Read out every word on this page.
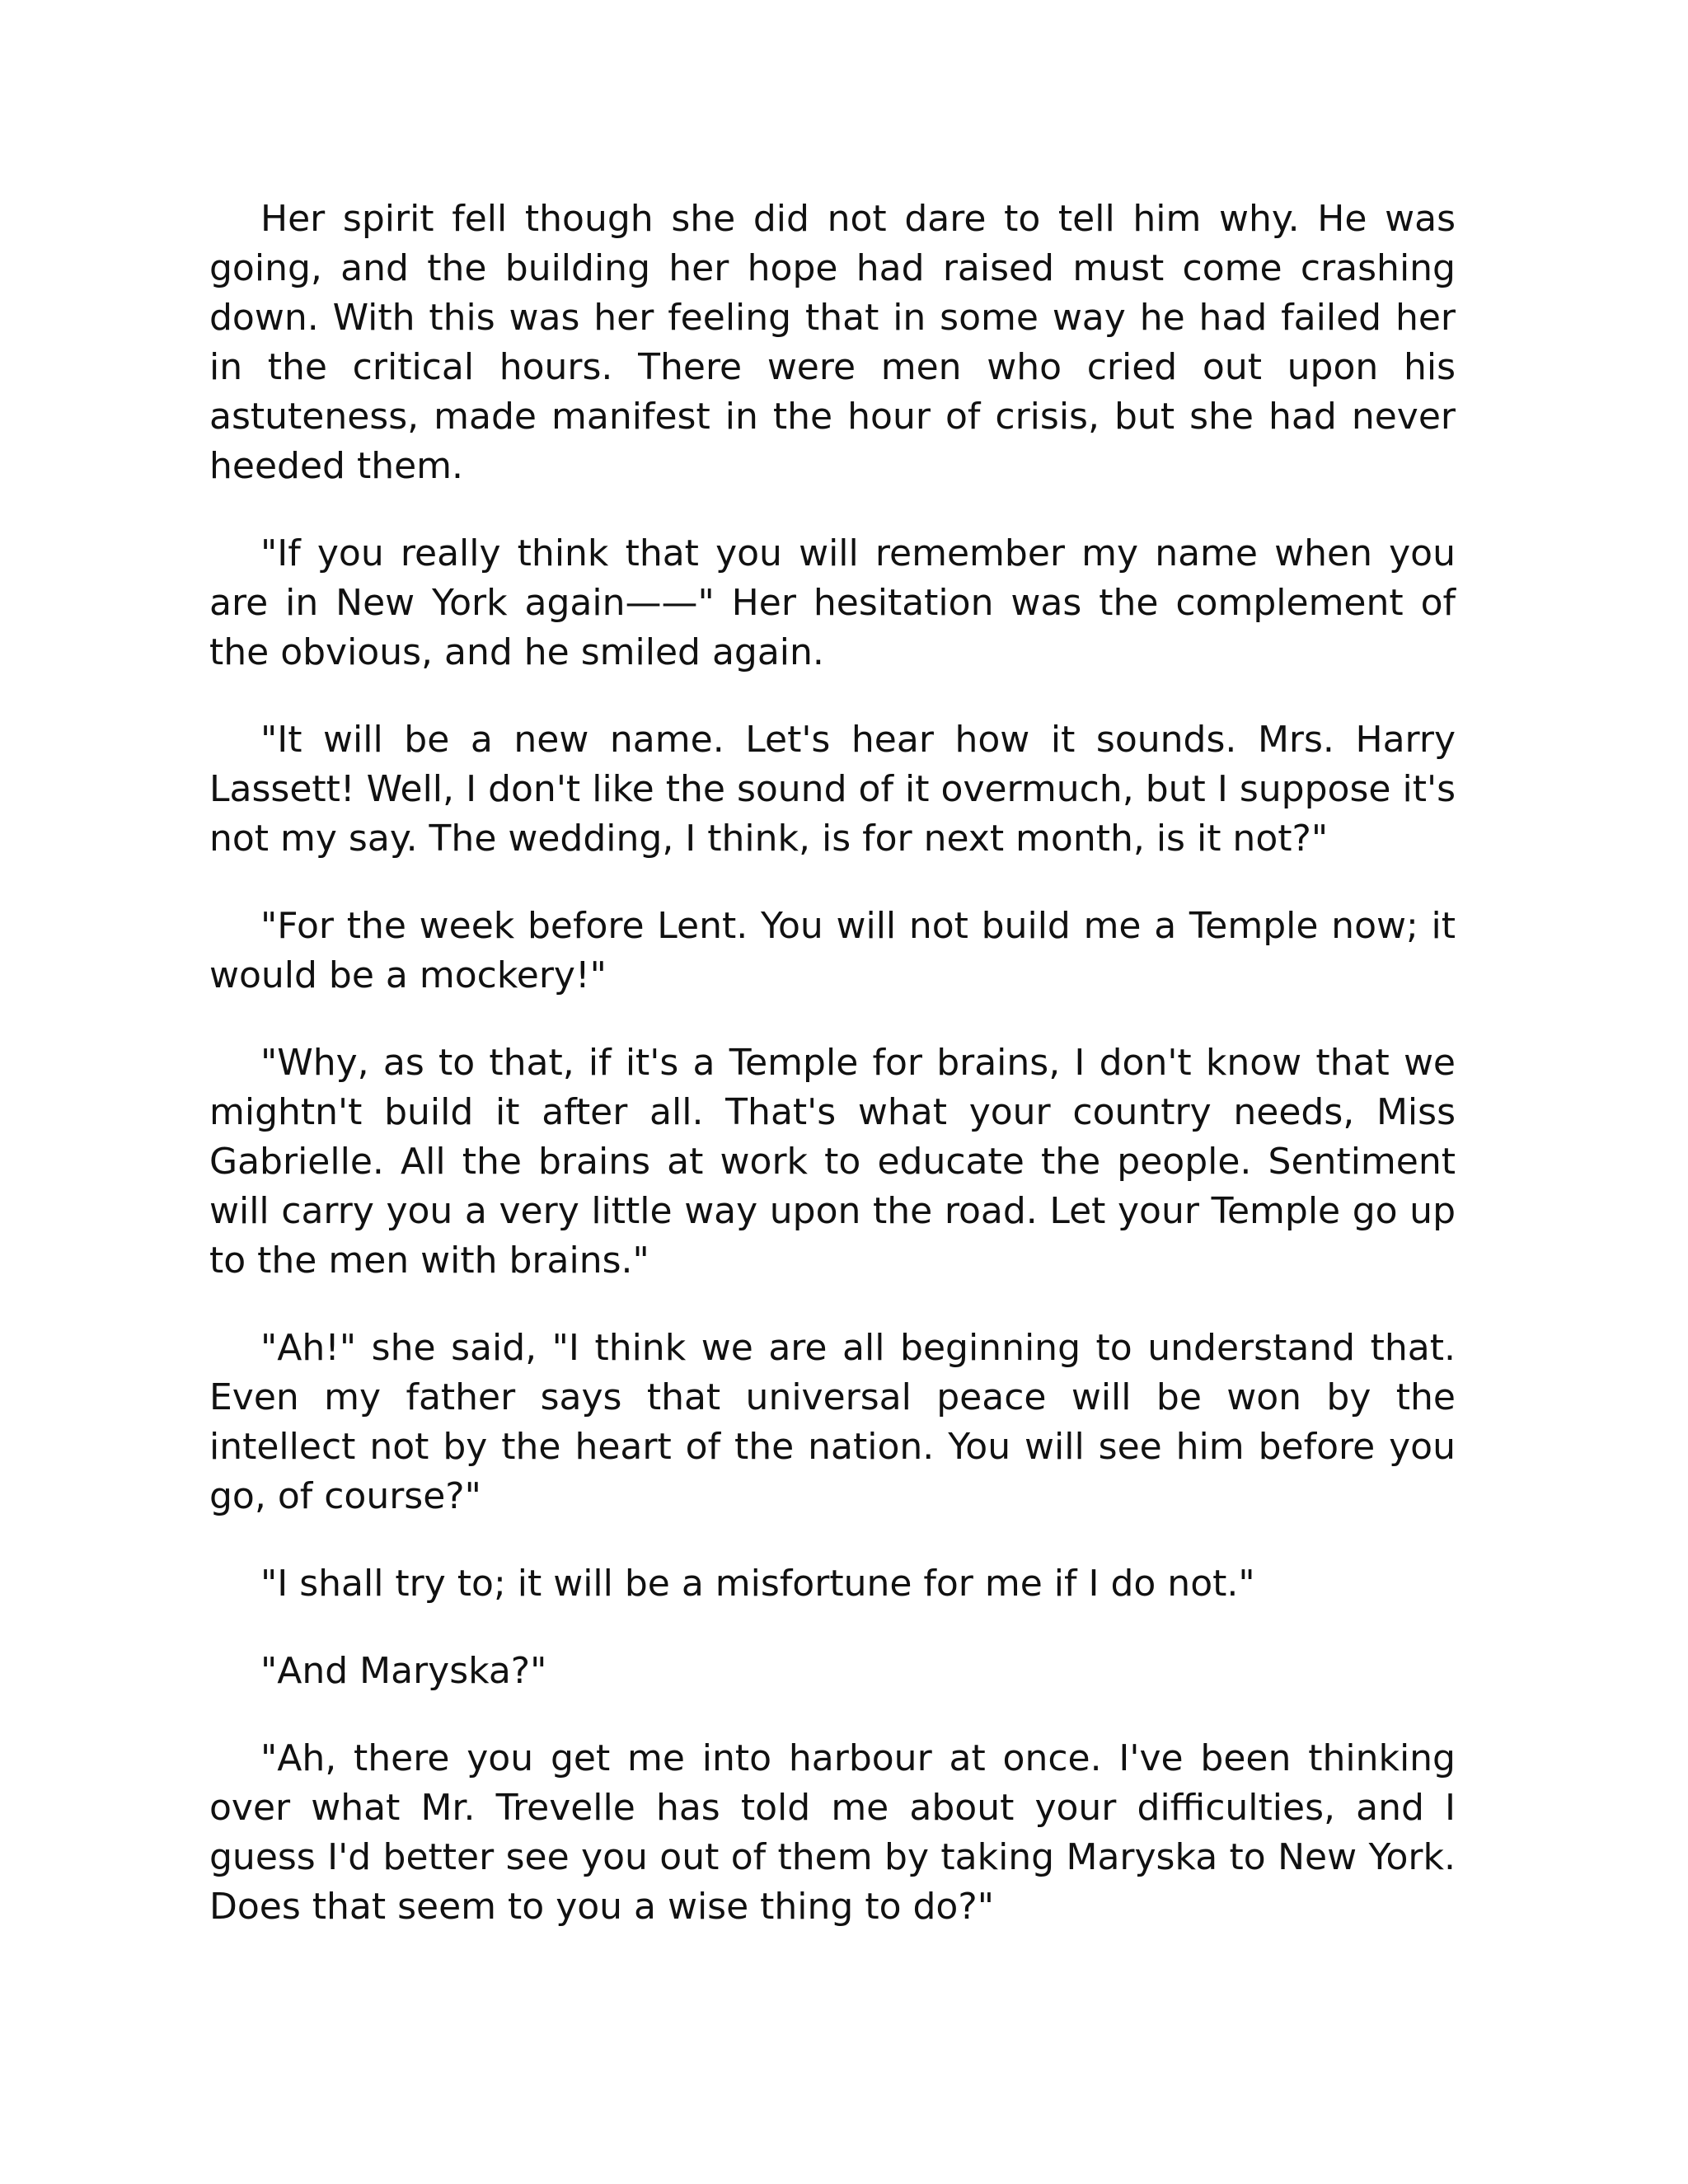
Her spirit fell though she did not dare to tell him why. He was going, and the building her hope had raised must come crashing down. With this was her feeling that in some way he had failed her in the critical hours. There were men who cried out upon his astuteness, made manifest in the hour of crisis, but she had never heeded them.

"If you really think that you will remember my name when you are in New York again——" Her hesitation was the complement of the obvious, and he smiled again.

"It will be a new name. Let's hear how it sounds. Mrs. Harry Lassett! Well, I don't like the sound of it overmuch, but I suppose it's not my say. The wedding, I think, is for next month, is it not?"

"For the week before Lent. You will not build me a Temple now; it would be a mockery!"

"Why, as to that, if it's a Temple for brains, I don't know that we mightn't build it after all. That's what your country needs, Miss Gabrielle. All the brains at work to educate the people. Sentiment will carry you a very little way upon the road. Let your Temple go up to the men with brains."

"Ah!" she said, "I think we are all beginning to understand that. Even my father says that universal peace will be won by the intellect not by the heart of the nation. You will see him before you go, of course?"

"I shall try to; it will be a misfortune for me if I do not."

"And Maryska?"

"Ah, there you get me into harbour at once. I've been thinking over what Mr. Trevelle has told me about your difficulties, and I guess I'd better see you out of them by taking Maryska to New York. Does that seem to you a wise thing to do?"
